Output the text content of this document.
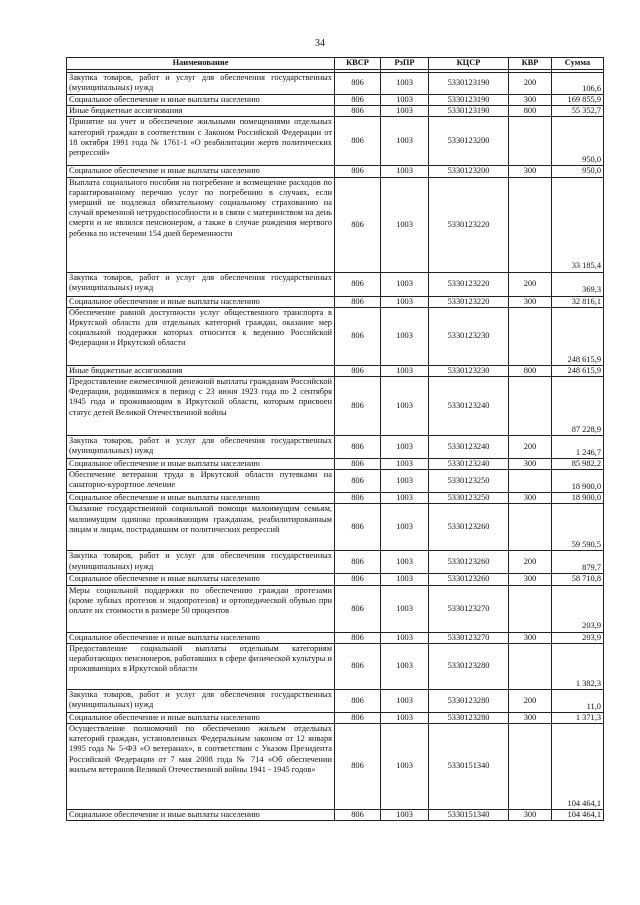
34
Наименование	КВСР	РзПР	КЦСР	КВР	Сумма

Закупка товаров, работ и услуг для обеспечения государственных (муниципальных) нужд	806	1003	5330123190	200	106,6
Социальное обеспечение и иные выплаты населению	806	1003	5330123190	300	169 855,9
Иные бюджетные ассигнования	806	1003	5330123190	800	55 352,7
Принятие на учет и обеспечение жильными помещениями отдельных категорий граждан в соответствии с Законом Российской Федерации от 18 октября 1991 года № 1761-1 «О реабилитации жертв политических репрессий»	806	1003	5330123200		950,0
Социальное обеспечение и иные выплаты населению	806	1003	5330123200	300	950,0
Выплата социального пособия на погребение и возмещение расходов по гарантированному перечню услуг по погребению в случаях, если умерший не подлежал обязательному социальному страхованию на случай временной нетрудоспособности и в связи с материнством на день смерти и не являлся пенсионером, а также в случае рождения мертвого ребенка по истечении 154 дней беременности	806	1003	5330123220		33 185,4
Закупка товаров, работ и услуг для обеспечения государственных (муниципальных) нужд	806	1003	5330123220	200	369,3
Социальное обеспечение и иные выплаты населению	806	1003	5330123220	300	32 816,1
Обеспечение равной доступности услуг общественного транспорта в Иркутской области для отдельных категорий граждан, оказание мер социальной поддержки которых относится к ведению Российской Федерации и Иркутской области	806	1003	5330123230		248 615,9
Иные бюджетные ассигнования	806	1003	5330123230	800	248 615,9
Предоставление ежемесячной денежной выплаты гражданам Российской Федерации, родившимся в период с 23 июня 1923 года по 2 сентября 1945 года и проживающим в Иркутской области, которым присвоен статус детей Великой Отечественной войны	806	1003	5330123240		87 228,9
Закупка товаров, работ и услуг для обеспечения государственных (муниципальных) нужд	806	1003	5330123240	200	1 246,7
Социальное обеспечение и иные выплаты населению	806	1003	5330123240	300	85 982,2
Обеспечение ветеранов труда в Иркутской области путевками на санаторно-курортное лечение	806	1003	5330123250		18 900,0
Социальное обеспечение и иные выплаты населению	806	1003	5330123250	300	18 900,0
Оказание государственной социальной помощи малоимущим семьям, малоимущим одиноко проживающим гражданам, реабилитированным лицам и лицам, пострадавшим от политических репрессий	806	1003	5330123260		59 590,5
Закупка товаров, работ и услуг для обеспечения государственных (муниципальных) нужд	806	1003	5330123260	200	879,7
Социальное обеспечение и иные выплаты населению	806	1003	5330123260	300	58 710,8
Меры социальной поддержки по обеспечению граждан протезами (кроме зубных протезов и эндопротезов) и ортопедической обувью при оплате их стоимости в размере 50 процентов	806	1003	5330123270		203,9
Социальное обеспечение и иные выплаты населению	806	1003	5330123270	300	203,9
Предоставление социальной выплаты отдельным категориям неработающих пенсионеров, работавших в сфере физической культуры и проживающих в Иркутской области	806	1003	5330123280		1 382,3
Закупка товаров, работ и услуг для обеспечения государственных (муниципальных) нужд	806	1003	5330123280	200	11,0
Социальное обеспечение и иные выплаты населению	806	1003	5330123280	300	1 371,3
Осуществление полномочий по обеспечению жильем отдельных категорий граждан, установленных Федеральным законом от 12 января 1995 года № 5-ФЗ «О ветеранах», в соответствии с Указом Президента Российской Федерации от 7 мая 2008 года № 714 «Об обеспечении жильем ветеранов Великой Отечественной войны 1941 - 1945 годов»	806	1003	5330151340		104 464,1
Социальное обеспечение и иные выплаты населению	806	1003	5330151340	300	104 464,1
